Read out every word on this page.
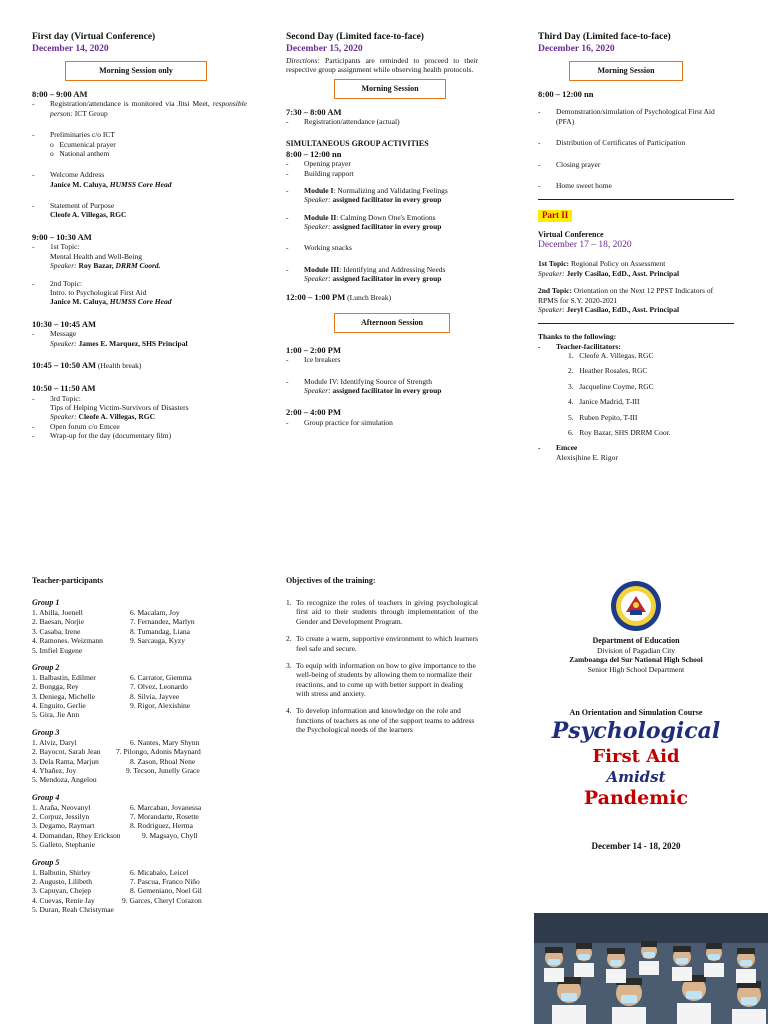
First day (Virtual Conference)
December 14, 2020
Morning Session only
8:00 – 9:00 AM
-	Registration/attendance is monitored via Jitsi Meet, responsible person: ICT Group
-	Preliminaries c/o ICT
o   Ecumenical prayer
o   National anthem
-	Welcome Address
Janice M. Caluya, HUMSS Core Head
-	Statement of Purpose
Cleofe A. Villegas, RGC
9:00 – 10:30 AM
-	1st Topic:
Mental Health and Well-Being
Speaker: Roy Bazar, DRRM Coord.
-	2nd Topic:
Intro. to Psychological First Aid
Janice M. Caluya, HUMSS Core Head
10:30 – 10:45 AM
-	Message
Speaker: James E. Marquez, SHS Principal
10:45 – 10:50 AM (Health break)
10:50 – 11:50 AM
-	3rd Topic:
Tips of Helping Victim-Survivors of Disasters
Speaker: Cleofe A. Villegas, RGC
-	Open forum c/o Emcee
-	Wrap-up for the day (documentary film)
Second Day (Limited face-to-face)
December 15, 2020
Directions: Participants are reminded to proceed to their respective group assignment while observing health protocols.
Morning Session
7:30 – 8:00 AM
-	Registration/attendance (actual)
SIMULTANEOUS GROUP ACTIVITIES
8:00 – 12:00 nn
-	Opening prayer
-	Building rapport
-	Module I: Normalizing and Validating Feelings
Speaker: assigned facilitator in every group
-	Module II: Calming Down One's Emotions
Speaker: assigned facilitator in every group
-	Working snacks
-	Module III: Identifying and Addressing Needs
Speaker: assigned facilitator in every group
12:00 – 1:00 PM (Lunch Break)
Afternoon Session
1:00 – 2:00 PM
-	Ice breakers
-	Module IV: Identifying Source of Strength
Speaker: assigned facilitator in every group
2:00 – 4:00 PM
-	Group practice for simulation
Third Day (Limited face-to-face)
December 16, 2020
Morning Session
8:00 – 12:00 nn
-	Demonstration/simulation of Psychological First Aid (PFA)
-	Distribution of Certificates of Participation
-	Closing prayer
-	Home sweet home
Part II
Virtual Conference
December 17 – 18, 2020
1st Topic: Regional Policy on Assessment
Speaker: Jerly Casilao, EdD., Asst. Principal
2nd Topic: Orientation on the Next 12 PPST Indicators of RPMS for S.Y. 2020-2021
Speaker: Jeryl Casilao, EdD., Asst. Principal
Thanks to the following:
-	Teacher-facilitators:
1.   Cleofe A. Villegas, RGC
2.   Heather Rosales, RGC
3.   Jacqueline Coyme, RGC
4.   Janice Madrid, T-III
5.   Ruben Pepito, T-III
6.   Roy Bazar, SHS DRRM Coor.
-	Emcee
Alexisjhine E. Rigor
Teacher-participants
Group 1
1. Abilla, Joenell	6. Macalam, Joy
2. Baesan, Norjie	7. Fernandez, Marlyn
3. Casaba, Irene	8. Tumandag, Liana
4. Ramones. Weizmann	9. Sarcauga, Kyzy
5. Imfiel Eugene
Group 2
1. Balbastin, Edilmer	6. Carrator, Giemma
2. Bongga, Rey	7. Olvez, Leonardo
3. Deniega, Michelle	8. Silvia, Jayvee
4. Enguito, Gerlie	9. Rigor, Alexishine
5. Gira, Jie Ann
Group 3
1. Alviz, Daryl	6. Nantes, Mary Shynn
2. Bayocot, Sarah Jean	7. Pilongo, Adonis Maynard
3. Dela Rama, Marjun	8. Zason, Rhoal Nene
4. Ybañez, Joy	9. Tecson, Junelly Grace
5. Mendoza, Angelou
Group 4
1. Araña, Neovanyl	6. Marcaban, Jovanessa
2. Corpuz, Jessilyn	7. Morandarte, Rosette
3. Degamo, Raymart	8. Rodriguez, Herma
4. Domandan, Rhey Erickson	9. Magsayo, Chyll
5. Galleto, Stephanie
Group 5
1. Balbutin, Shirley	6. Micabalo, Leicel
2. Augusto, Lilibeth	7. Pascua, Franco Niño
3. Capuyan, Chejep	8. Gemeniano, Noel Gil
4. Cuevas, Renie Jay	9. Garces, Cheryl Corazon
5. Duran, Reah Christymae
Objectives of the training:
1. To recognize the roles of teachers in giving psychological first aid to their students through implementation of the Gender and Development Program.
2. To create a warm, supportive environment to which learners feel safe and secure.
3. To equip with information on how to give importance to the well-being of students by allowing them to normalize their reactions, and to come up with better support in dealing with stress and anxiety.
4. To develop information and knowledge on the role and functions of teachers as one of the support teams to address the Psychological needs of the learners
Department of Education
Division of Pagadian City
Zamboanga del Sur National High School
Senior High School Department
An Orientation and Simulation Course
Psychological
First Aid
Amidst
Pandemic
December 14 - 18, 2020
